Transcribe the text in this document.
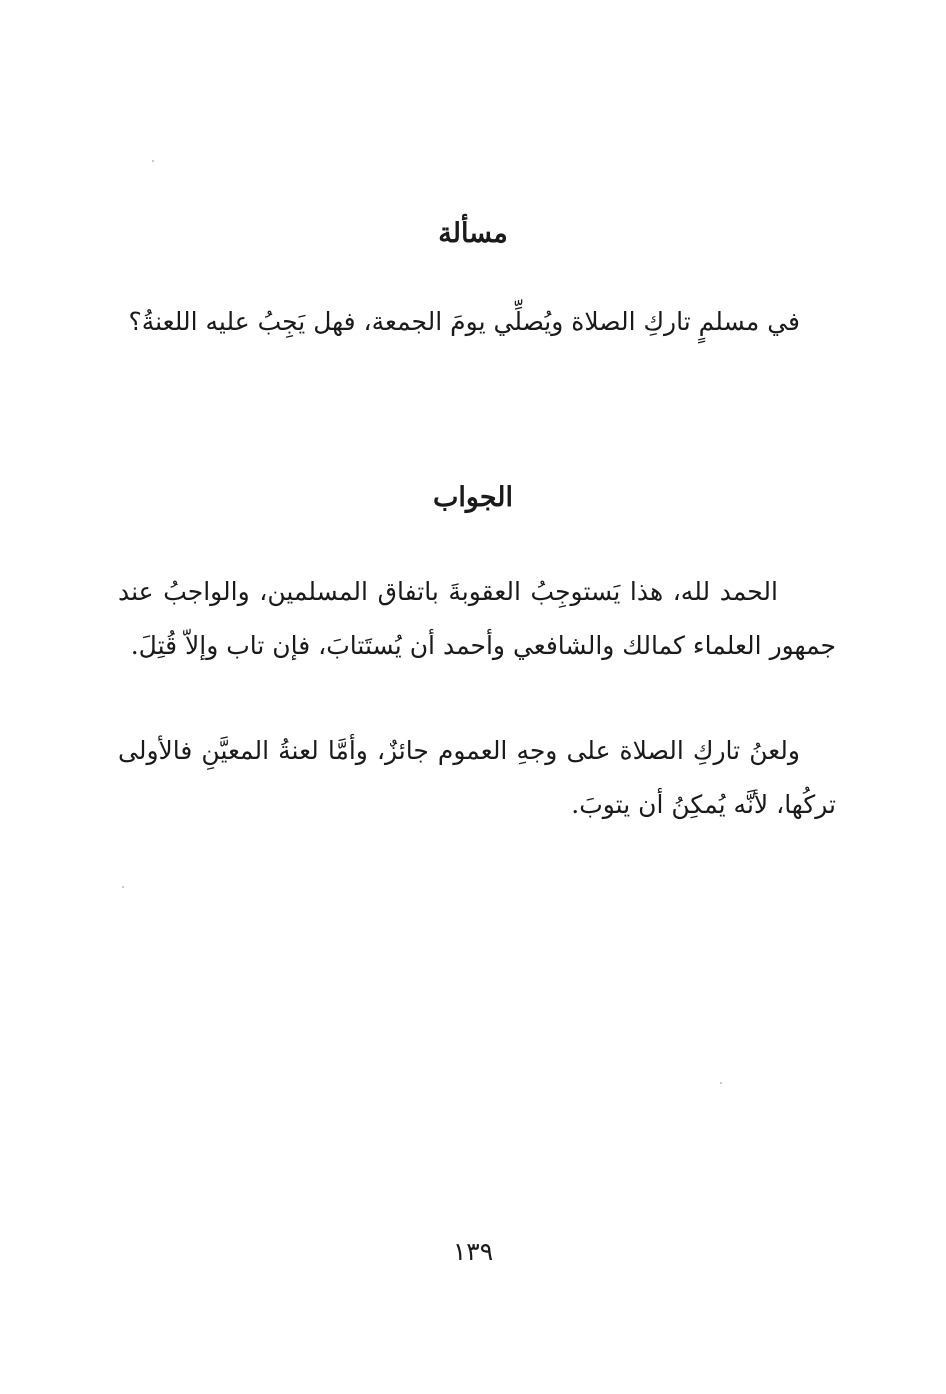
مسألة

في مسلمٍ تاركِ الصلاة ويُصلِّي يومَ الجمعة، فهل يَجِبُ عليه اللعنةُ؟

الجواب

الحمد لله، هذا يَستوجِبُ العقوبةَ باتفاق المسلمين، والواجبُ عند جمهور العلماء كمالك والشافعي وأحمد أن يُستَتابَ، فإن تاب وإلاّ قُتِلَ.

ولعنُ تاركِ الصلاة على وجهِ العموم جائزٌ، وأمَّا لعنةُ المعيَّنِ فالأولى تركُها، لأنَّه يُمكِنُ أن يتوبَ.

١٣٩
